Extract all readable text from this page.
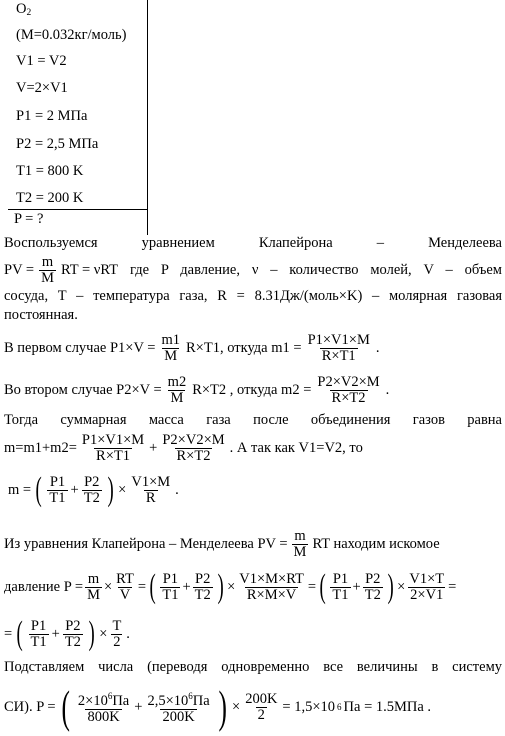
$O_2$
(M=0.032кг/моль)
V1 = V2
V=2×V1
P1 = 2 МПа
P2 = 2,5 МПа
T1 = 800 K
T2 = 200 K
P = ?
Воспользуемся	уравнением	Клапейрона	–	Менделеева
PV = $\frac{m}{M}$ RT = νRT где P давление, ν – количество молей, V – объем
сосуда, T – температура газа, R = 8.31Дж/(моль×K) – молярная газовая
постоянная.
В первом случае $P1\times V = \frac{m1}{M} R\times T1$, откуда $m1 = \frac{P1\times V1\times M}{R\times T1}$ .
Во втором случае $P2\times V = \frac{m2}{M} R\times T2$ , откуда $m2 = \frac{P2\times V2\times M}{R\times T2}$ .
Тогда суммарная масса газа после объединения газов равна
$m=m1+m2= \frac{P1\times V1\times M}{R\times T1} + \frac{P2\times V2\times M}{R\times T2}$ . А так как V1=V2, то
m = ( $\frac{P1}{T1} + \frac{P2}{T2}$ ) × $\frac{V1\times M}{R}$ .
Из уравнения Клапейрона – Менделеева PV = $\frac{m}{M}$ RT находим искомое
давление $P = \frac{m}{M} \times \frac{RT}{V}$ = ( $\frac{P1}{T1} + \frac{P2}{T2}$ ) × $\frac{V1\times M\times RT}{R\times M\times V}$ = ( $\frac{P1}{T1} + \frac{P2}{T2}$ ) × $\frac{V1\times T}{2\times V1}$ =
= ( $\frac{P1}{T1} + \frac{P2}{T2}$ ) × $\frac{T}{2}$ .
Подставляем числа (переводя одновременно все величины в систему
СИ). P = ( $\frac{2\times 10^6Па}{800K} + \frac{2,5\times 10^6Па}{200K}$ ) × $\frac{200K}{2} = 1,5\times 10$ 6 Па = 1.5МПа .
